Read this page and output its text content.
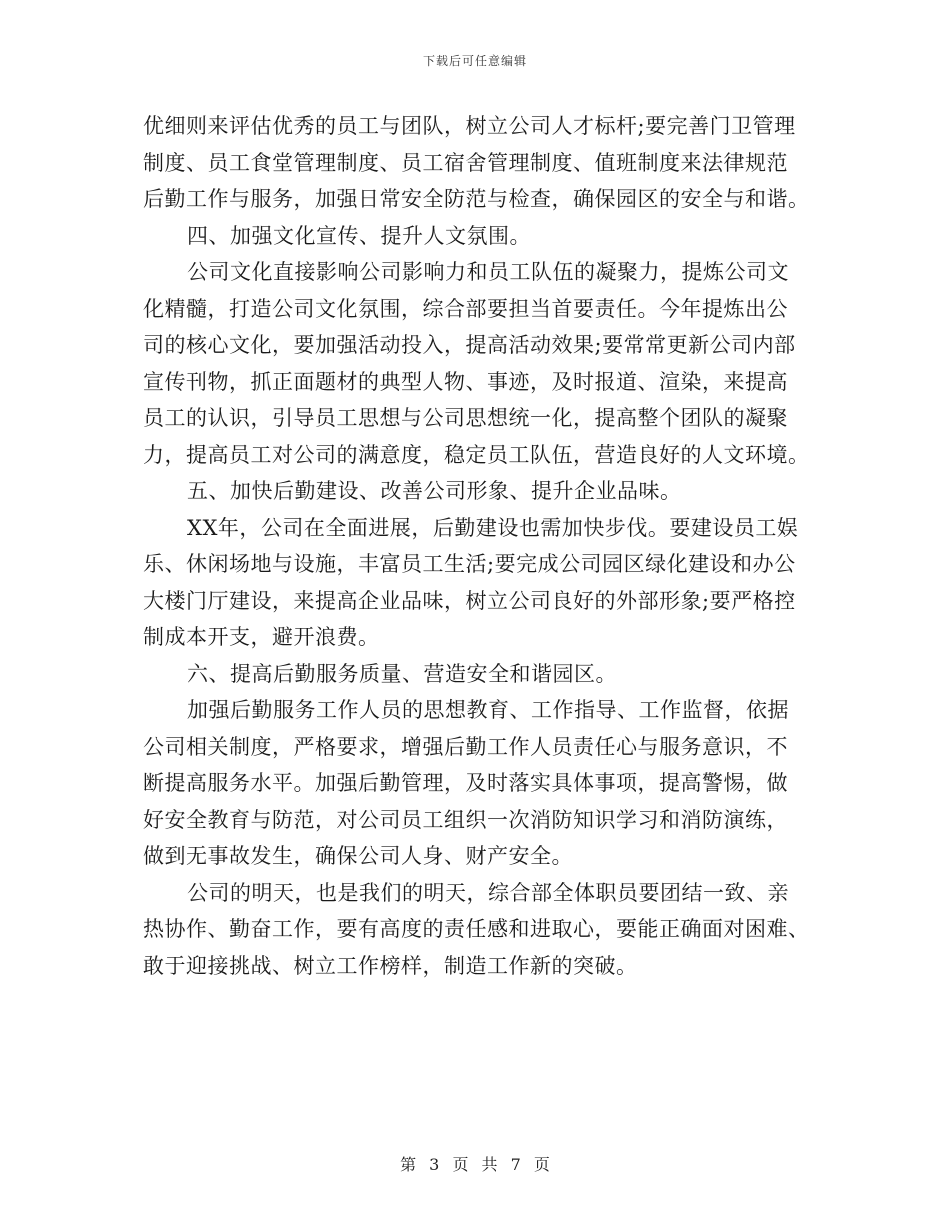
下载后可任意编辑
优细则来评估优秀的员工与团队，树立公司人才标杆;要完善门卫管理
制度、员工食堂管理制度、员工宿舍管理制度、值班制度来法律规范
后勤工作与服务，加强日常安全防范与检查，确保园区的安全与和谐。
四、加强文化宣传、提升人文氛围。
公司文化直接影响公司影响力和员工队伍的凝聚力，提炼公司文
化精髓，打造公司文化氛围，综合部要担当首要责任。今年提炼出公
司的核心文化，要加强活动投入，提高活动效果;要常常更新公司内部
宣传刊物，抓正面题材的典型人物、事迹，及时报道、渲染，来提高
员工的认识，引导员工思想与公司思想统一化，提高整个团队的凝聚
力，提高员工对公司的满意度，稳定员工队伍，营造良好的人文环境。
五、加快后勤建设、改善公司形象、提升企业品味。
XX年，公司在全面进展，后勤建设也需加快步伐。要建设员工娱
乐、休闲场地与设施，丰富员工生活;要完成公司园区绿化建设和办公
大楼门厅建设，来提高企业品味，树立公司良好的外部形象;要严格控
制成本开支，避开浪费。
六、提高后勤服务质量、营造安全和谐园区。
加强后勤服务工作人员的思想教育、工作指导、工作监督，依据
公司相关制度，严格要求，增强后勤工作人员责任心与服务意识，不
断提高服务水平。加强后勤管理，及时落实具体事项，提高警惕，做
好安全教育与防范，对公司员工组织一次消防知识学习和消防演练，
做到无事故发生，确保公司人身、财产安全。
公司的明天，也是我们的明天，综合部全体职员要团结一致、亲
热协作、勤奋工作，要有高度的责任感和进取心，要能正确面对困难、
敢于迎接挑战、树立工作榜样，制造工作新的突破。
第 3 页 共 7 页
